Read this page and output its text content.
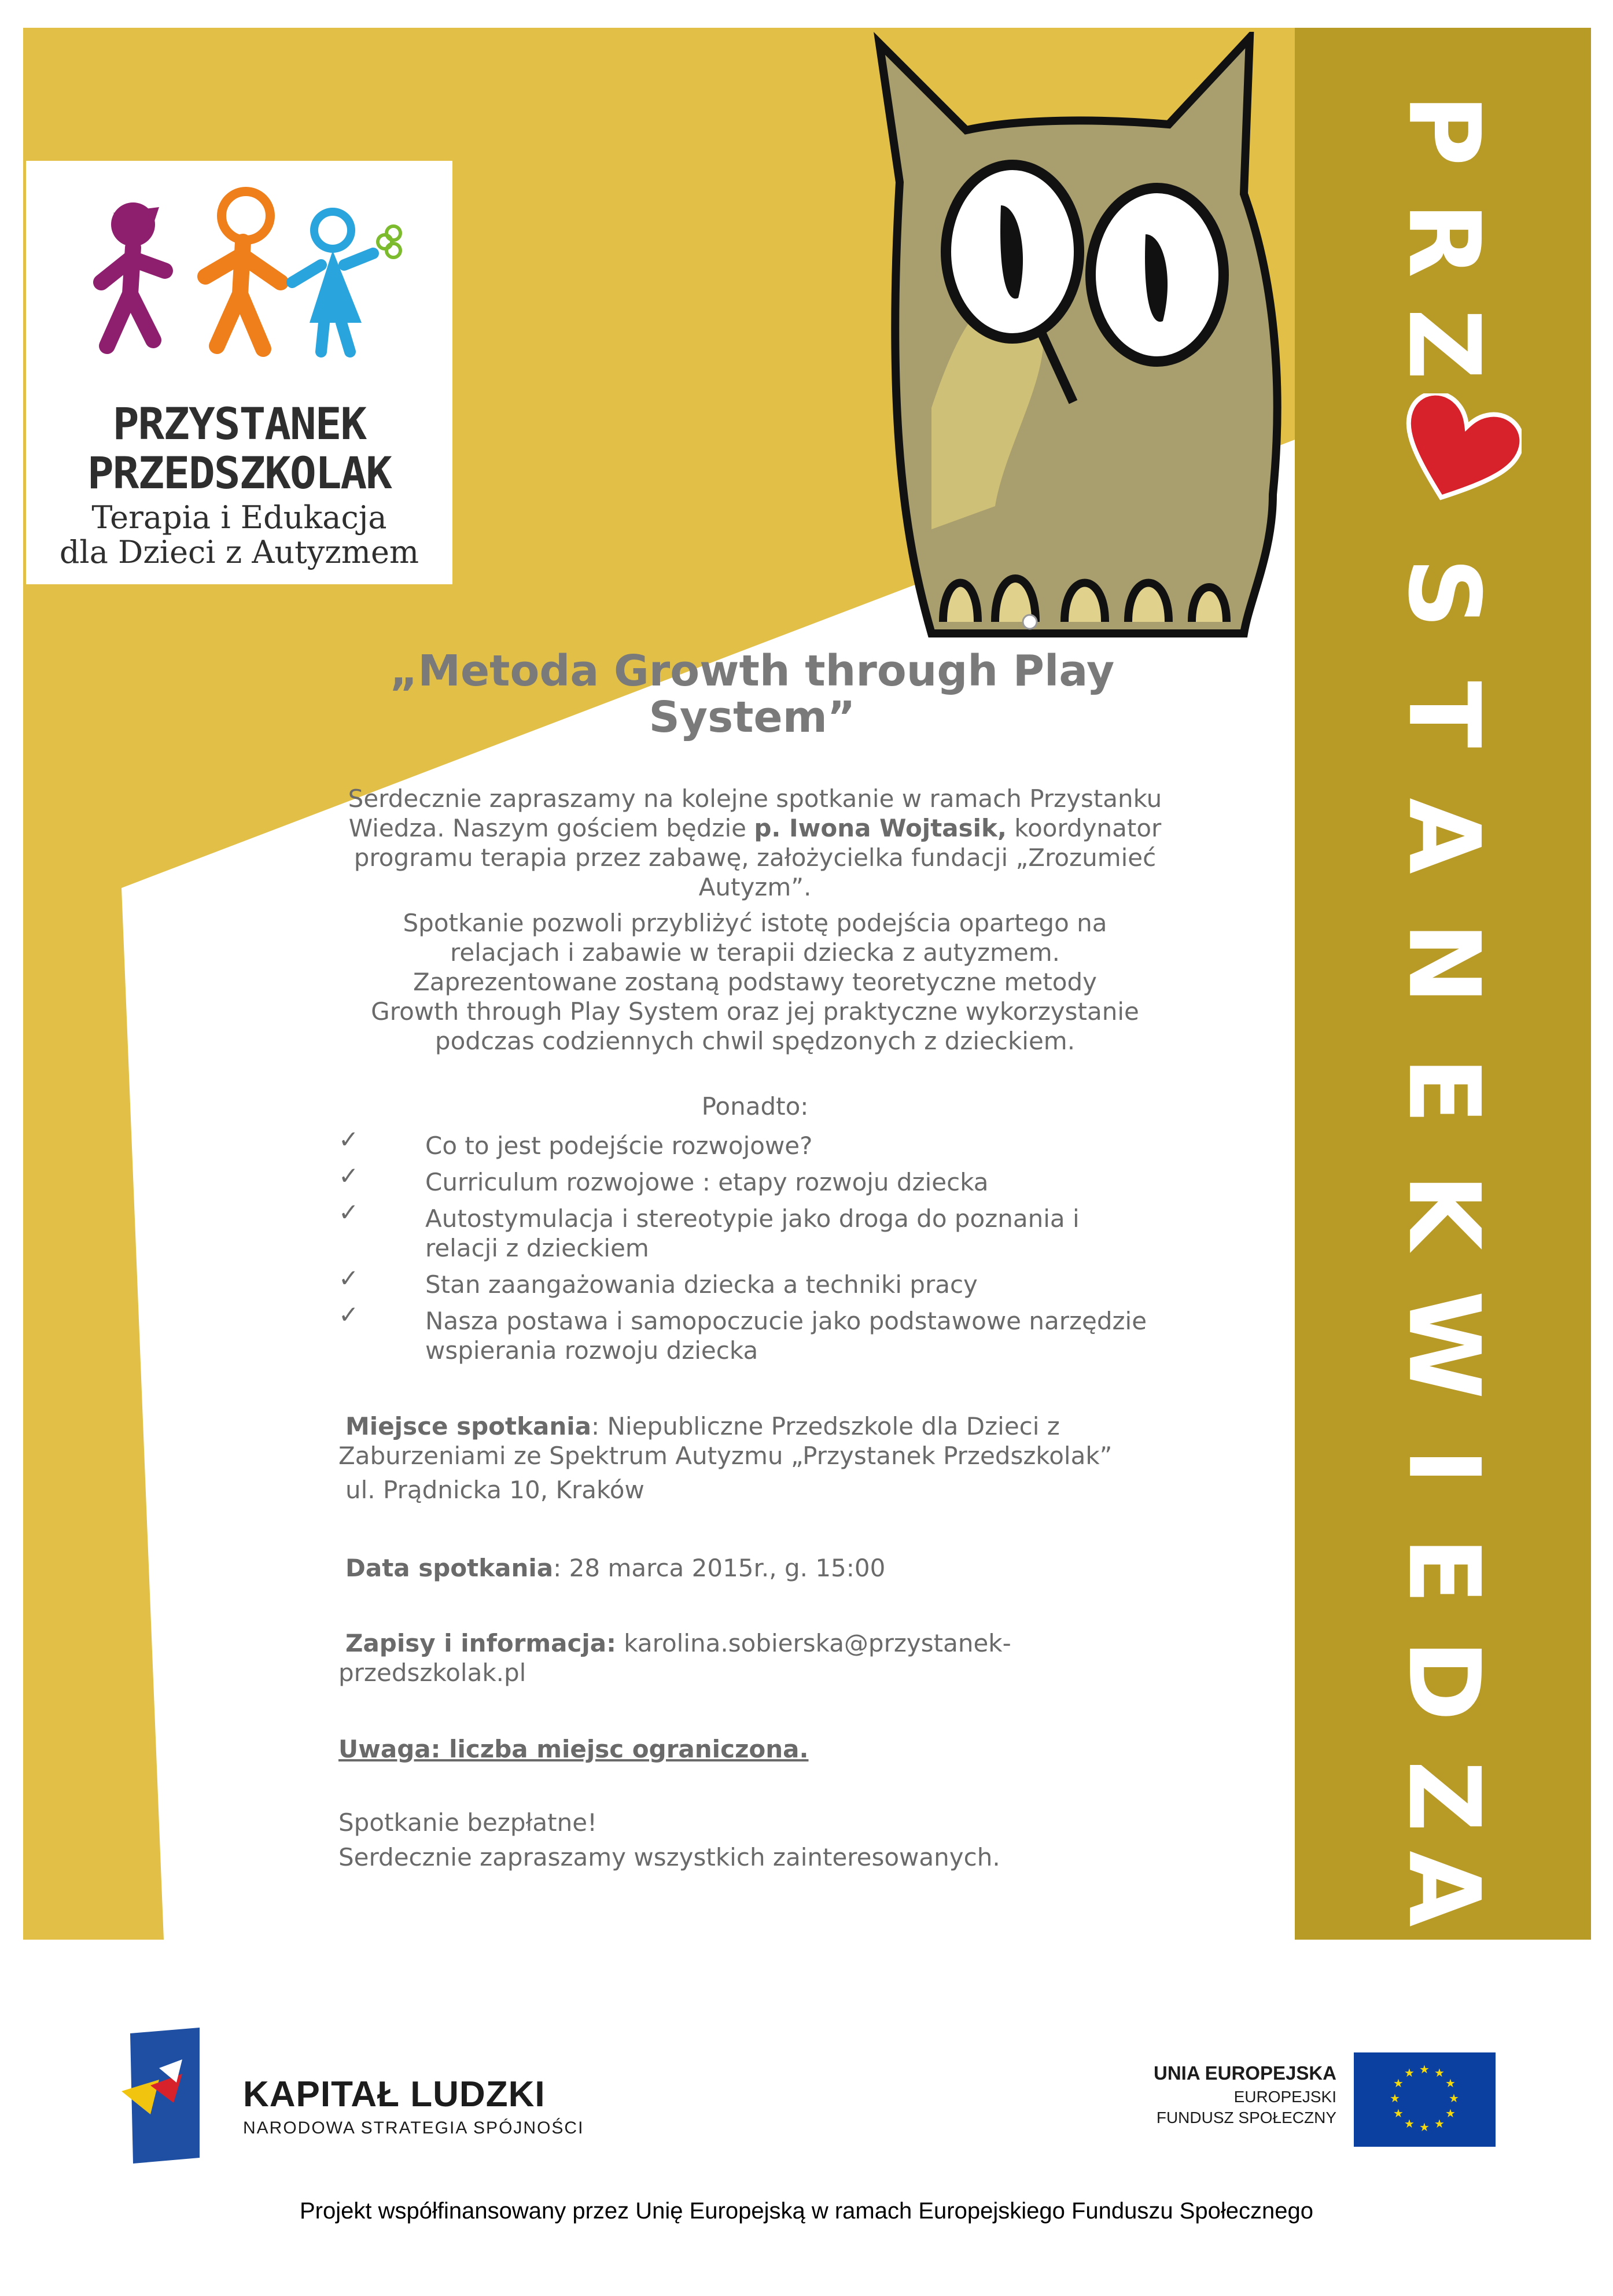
P
R
Z
S
T
A
N
E
K
W
I
E
D
Z
A
PRZYSTANEK
PRZEDSZKOLAK
Terapia i Edukacja
dla Dzieci z Autyzmem
„Metoda Growth through Play System”
Serdecznie zapraszamy na kolejne spotkanie w ramach Przystanku Wiedza. Naszym gościem będzie p. Iwona Wojtasik, koordynator programu terapia przez zabawę, założycielka fundacji „Zrozumieć Autyzm”.
Spotkanie pozwoli przybliżyć istotę podejścia opartego na relacjach i zabawie w terapii dziecka z autyzmem. Zaprezentowane zostaną podstawy teoretyczne metody Growth through Play System oraz jej praktyczne wykorzystanie podczas codziennych chwil spędzonych z dzieckiem.
Ponadto:
✓	Co to jest podejście rozwojowe?
✓	Curriculum rozwojowe : etapy rozwoju dziecka
✓	Autostymulacja i stereotypie jako droga do poznania i relacji z dzieckiem
✓	Stan zaangażowania dziecka a techniki pracy
✓	Nasza postawa i samopoczucie jako podstawowe narzędzie wspierania rozwoju dziecka
Miejsce spotkania: Niepubliczne Przedszkole dla Dzieci z
Zaburzeniami ze Spektrum Autyzmu „Przystanek Przedszkolak”
ul. Prądnicka 10, Kraków
Data spotkania: 28 marca 2015r., g. 15:00
Zapisy i informacja: karolina.sobierska@przystanek-
przedszkolak.pl
Uwaga: liczba miejsc ograniczona.
Spotkanie bezpłatne!
Serdecznie zapraszamy wszystkich zainteresowanych.
KAPITAŁ LUDZKI
NARODOWA STRATEGIA SPÓJNOŚCI
UNIA EUROPEJSKA
EUROPEJSKI
FUNDUSZ SPOŁECZNY
★ ★
★
★
★
★
★
★
★
★
★
★
Projekt współfinansowany przez Unię Europejską w ramach Europejskiego Funduszu Społecznego
